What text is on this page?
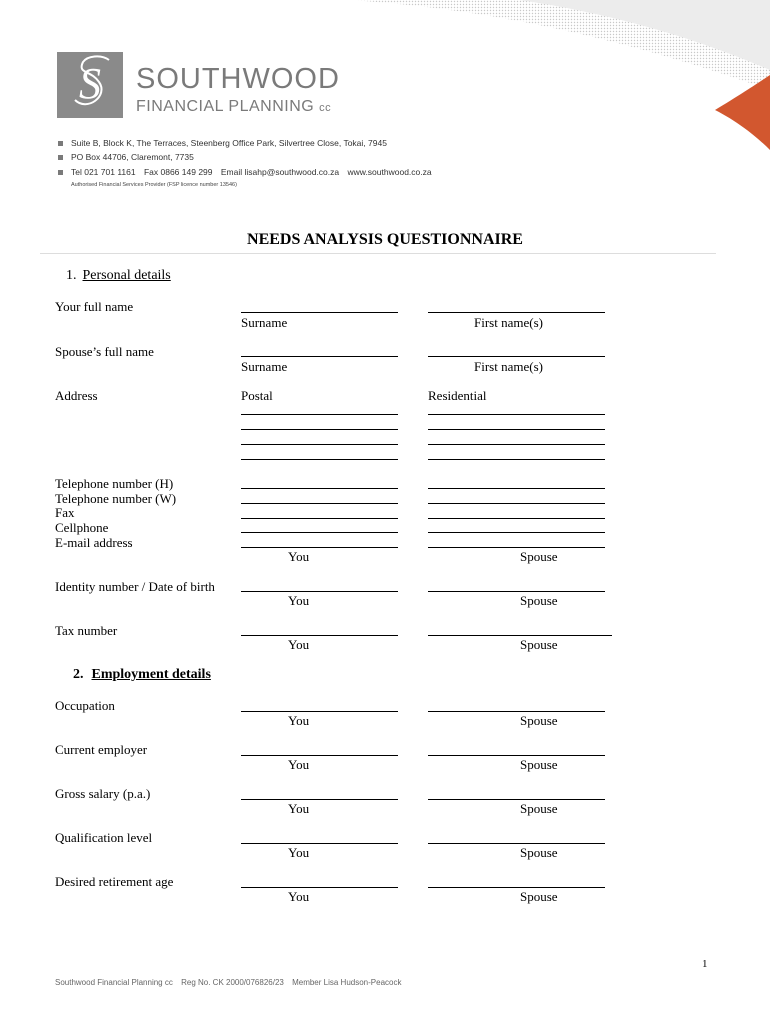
S SOUTHWOOD
FINANCIAL PLANNING cc
Suite B, Block K, The Terraces, Steenberg Office Park, Silvertree Close, Tokai, 7945
PO Box 44706, Claremont, 7735
Tel 021 701 1161 Fax 0866 149 299 Email lisahp@southwood.co.za www.southwood.co.za
Authorised Financial Services Provider (FSP licence number 13546)
NEEDS ANALYSIS QUESTIONNAIRE
1. Personal details
Your full name
Surname	First name(s)
Spouse’s full name
Surname	First name(s)
Address	Postal	Residential
Telephone number (H)
Telephone number (W)
Fax
Cellphone
E-mail address
You	Spouse
Identity number / Date of birth
You	Spouse
Tax number
You	Spouse
2. Employment details
Occupation
You	Spouse
Current employer
You	Spouse
Gross salary (p.a.)
You	Spouse
Qualification level
You	Spouse
Desired retirement age
You	Spouse
1
Southwood Financial Planning cc Reg No. CK 2000/076826/23 Member Lisa Hudson-Peacock
